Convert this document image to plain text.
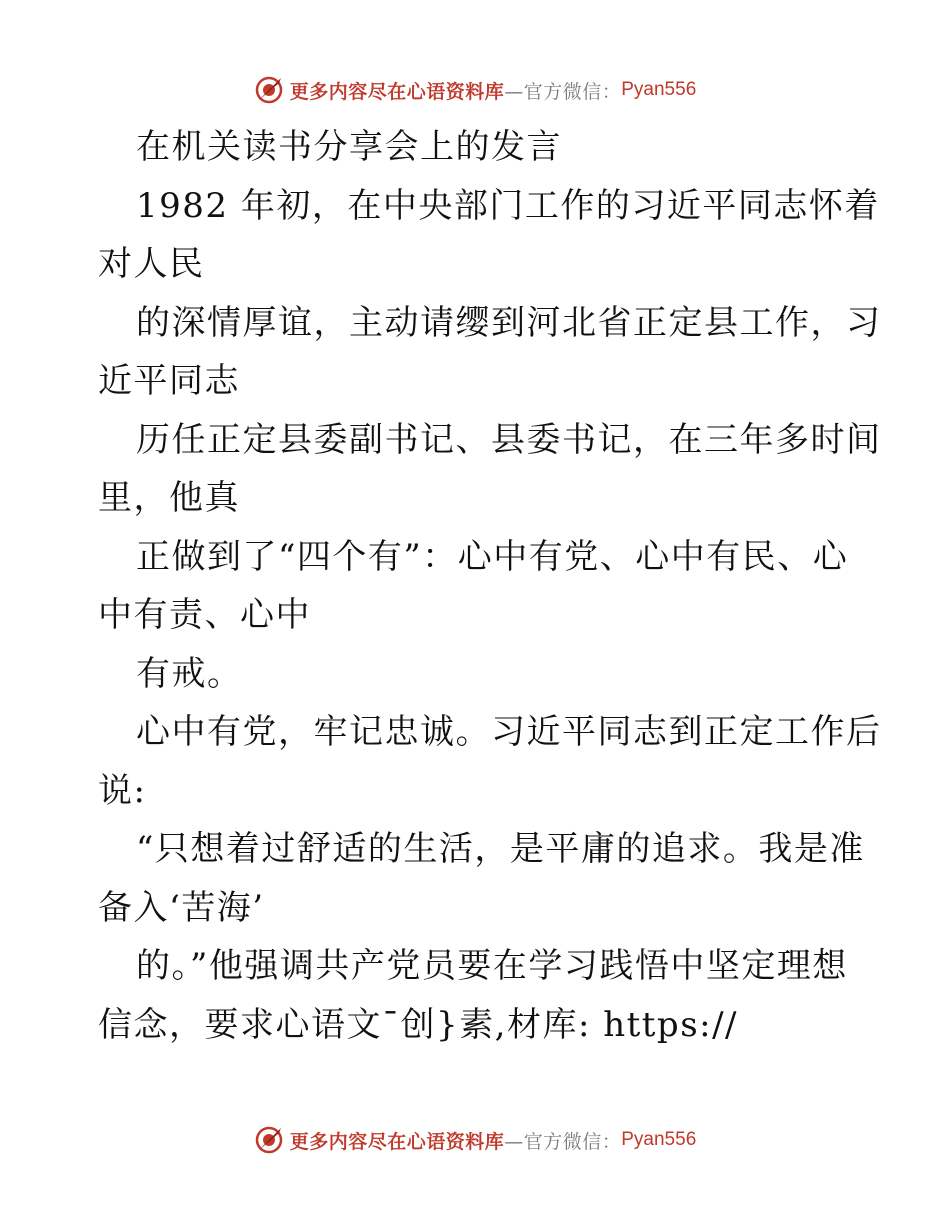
更多内容尽在心语资料库 —官方微信： Pyan556
在机关读书分享会上的发言
1982 年初，在中央部门工作的习近平同志怀着
对人民
的深情厚谊，主动请缨到河北省正定县工作，习
近平同志
历任正定县委副书记、县委书记，在三年多时间
里，他真
正做到了“四个有”：心中有党、心中有民、心
中有责、心中
有戒。
心中有党，牢记忠诚。习近平同志到正定工作后
说:
“只想着过舒适的生活，是平庸的追求。我是准
备入‘苦海’
的。”他强调共产党员要在学习践悟中坚定理想
信念，要求心语文¯创}素,材库: https://
更多内容尽在心语资料库 —官方微信： Pyan556
